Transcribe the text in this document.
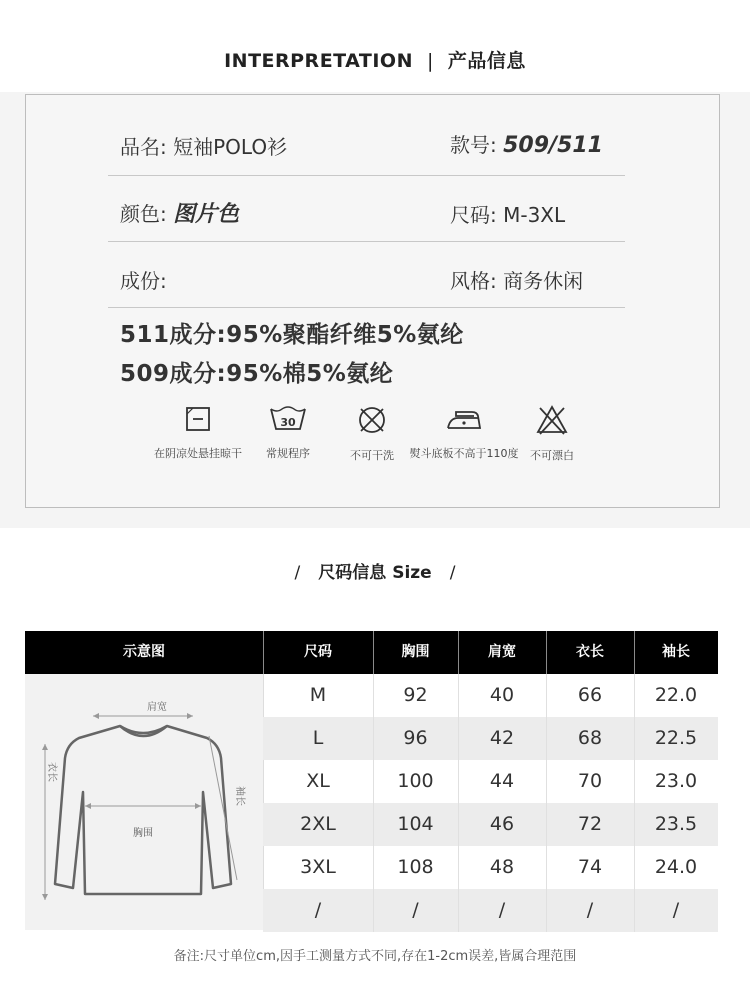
INTERPRETATION | 产品信息
品名: 短袖POLO衫	款号: 509/511
颜色: 图片色	尺码: M-3XL
成份:	风格: 商务休闲
511成分:95%聚酯纤维5%氨纶
509成分:95%棉5%氨纶
在阴凉处悬挂晾干
30
常规程序	不可干洗	熨斗底板不高于110度	不可漂白
/ 尺码信息 Size /
示意图	尺码	胸围	肩宽	衣长	袖长
肩宽
衣长
胸围
袖长
M	92	40	66	22.0
L	96	42	68	22.5
XL	100	44	70	23.0
2XL	104	46	72	23.5
3XL	108	48	74	24.0
/	/	/	/	/
备注:尺寸单位cm,因手工测量方式不同,存在1-2cm误差,皆属合理范围
